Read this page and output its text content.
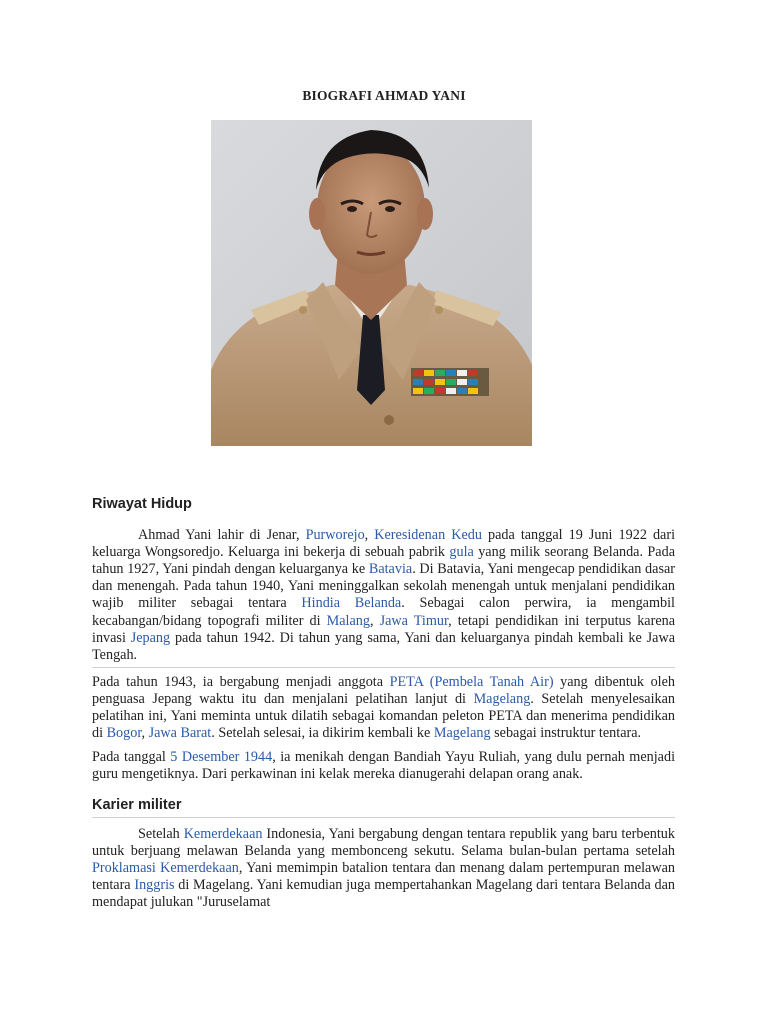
BIOGRAFI AHMAD YANI
Riwayat Hidup

Ahmad Yani lahir di Jenar, Purworejo, Keresidenan Kedu pada tanggal 19 Juni 1922 dari keluarga Wongsoredjo. Keluarga ini bekerja di sebuah pabrik gula yang milik seorang Belanda. Pada tahun 1927, Yani pindah dengan keluarganya ke Batavia. Di Batavia, Yani mengecap pendidikan dasar dan menengah. Pada tahun 1940, Yani meninggalkan sekolah menengah untuk menjalani pendidikan wajib militer sebagai tentara Hindia Belanda. Sebagai calon perwira, ia mengambil kecabangan/bidang topografi militer di Malang, Jawa Timur, tetapi pendidikan ini terputus karena invasi Jepang pada tahun 1942. Di tahun yang sama, Yani dan keluarganya pindah kembali ke Jawa Tengah.

Pada tahun 1943, ia bergabung menjadi anggota PETA (Pembela Tanah Air) yang dibentuk oleh penguasa Jepang waktu itu dan menjalani pelatihan lanjut di Magelang. Setelah menyelesaikan pelatihan ini, Yani meminta untuk dilatih sebagai komandan peleton PETA dan menerima pendidikan di Bogor, Jawa Barat. Setelah selesai, ia dikirim kembali ke Magelang sebagai instruktur tentara.

Pada tanggal 5 Desember 1944, ia menikah dengan Bandiah Yayu Ruliah, yang dulu pernah menjadi guru mengetiknya. Dari perkawinan ini kelak mereka dianugerahi delapan orang anak.

Karier militer

Setelah Kemerdekaan Indonesia, Yani bergabung dengan tentara republik yang baru terbentuk untuk berjuang melawan Belanda yang membonceng sekutu. Selama bulan-bulan pertama setelah Proklamasi Kemerdekaan, Yani memimpin batalion tentara dan menang dalam pertempuran melawan tentara Inggris di Magelang. Yani kemudian juga mempertahankan Magelang dari tentara Belanda dan mendapat julukan "Juruselamat
